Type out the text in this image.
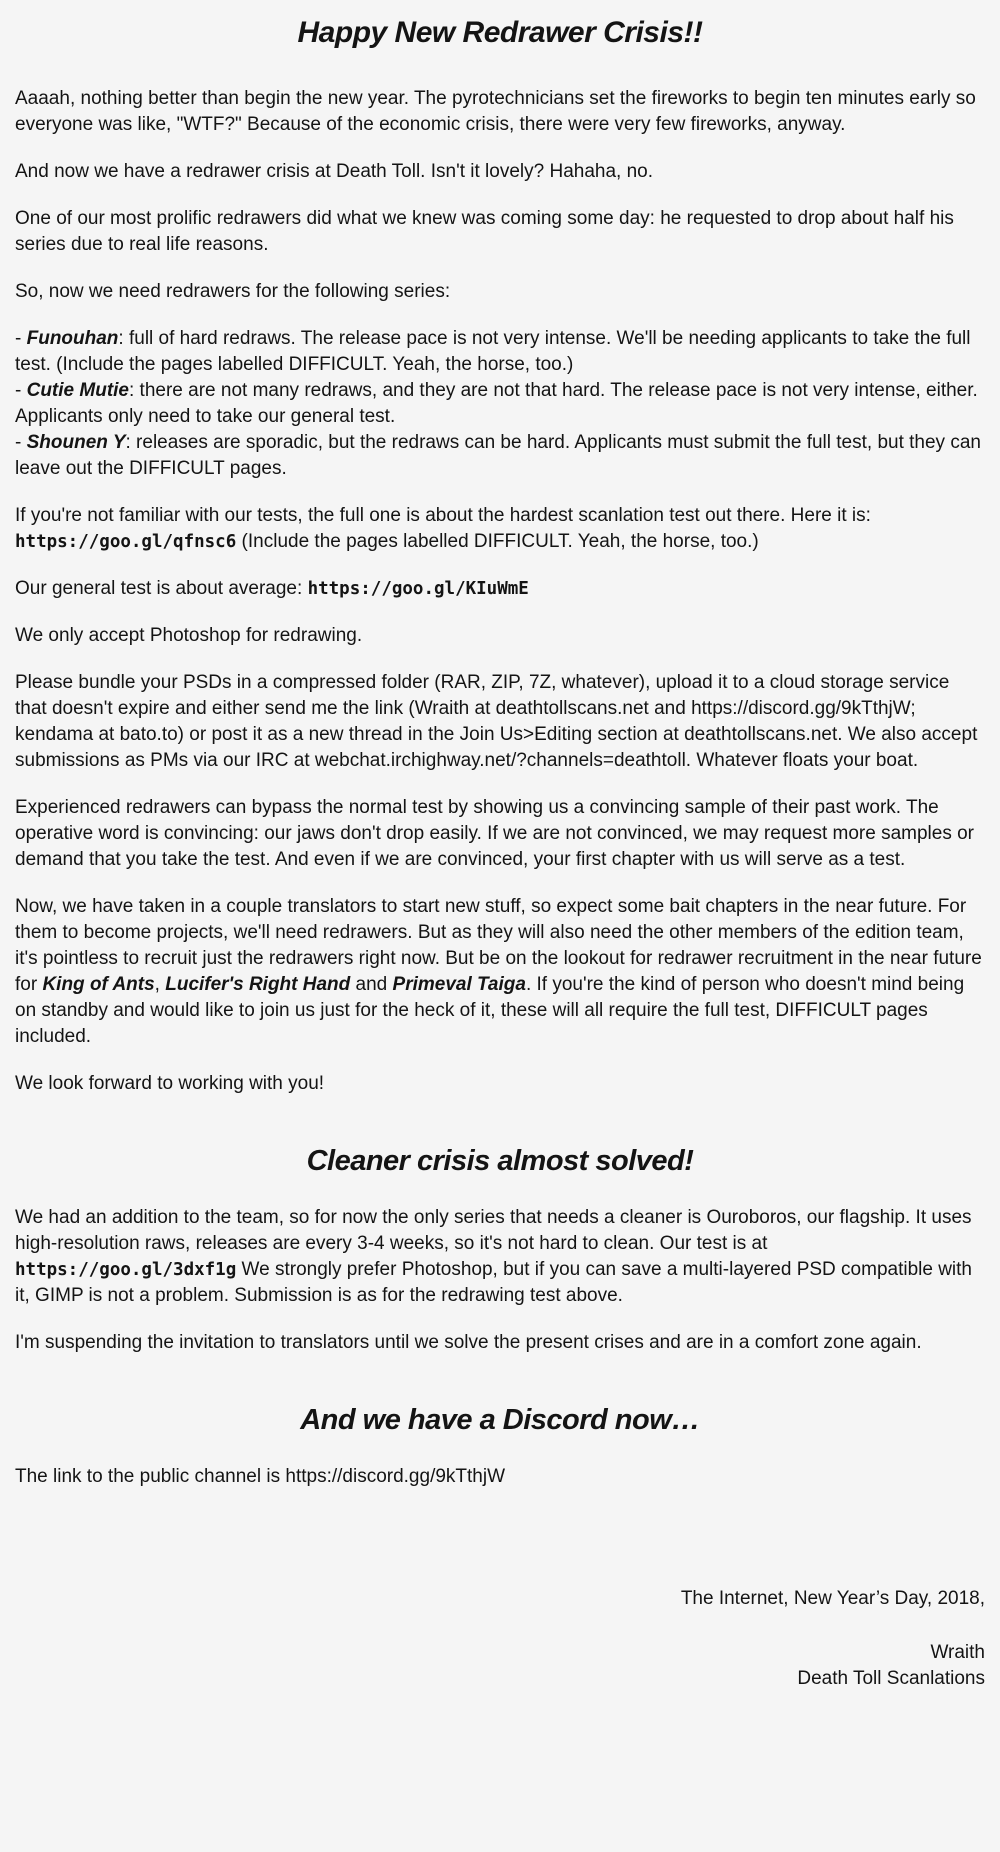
Happy New Redrawer Crisis!!

Aaaah, nothing better than begin the new year. The pyrotechnicians set the fireworks to begin ten minutes early so everyone was like, "WTF?" Because of the economic crisis, there were very few fireworks, anyway.

And now we have a redrawer crisis at Death Toll. Isn't it lovely? Hahaha, no.

One of our most prolific redrawers did what we knew was coming some day: he requested to drop about half his series due to real life reasons.

So, now we need redrawers for the following series:

- Funouhan: full of hard redraws. The release pace is not very intense. We'll be needing applicants to take the full test. (Include the pages labelled DIFFICULT. Yeah, the horse, too.)

- Cutie Mutie: there are not many redraws, and they are not that hard. The release pace is not very intense, either. Applicants only need to take our general test.

- Shounen Y: releases are sporadic, but the redraws can be hard. Applicants must submit the full test, but they can leave out the DIFFICULT pages.

If you're not familiar with our tests, the full one is about the hardest scanlation test out there. Here it is: https://goo.gl/qfnsc6 (Include the pages labelled DIFFICULT. Yeah, the horse, too.)

Our general test is about average: https://goo.gl/KIuWmE

We only accept Photoshop for redrawing.

Please bundle your PSDs in a compressed folder (RAR, ZIP, 7Z, whatever), upload it to a cloud storage service that doesn't expire and either send me the link (Wraith at deathtollscans.net and https://discord.gg/9kTthjW; kendama at bato.to) or post it as a new thread in the Join Us>Editing section at deathtollscans.net. We also accept submissions as PMs via our IRC at webchat.irchighway.net/?channels=deathtoll. Whatever floats your boat.

Experienced redrawers can bypass the normal test by showing us a convincing sample of their past work. The operative word is convincing: our jaws don't drop easily. If we are not convinced, we may request more samples or demand that you take the test. And even if we are convinced, your first chapter with us will serve as a test.

Now, we have taken in a couple translators to start new stuff, so expect some bait chapters in the near future. For them to become projects, we'll need redrawers. But as they will also need the other members of the edition team, it's pointless to recruit just the redrawers right now. But be on the lookout for redrawer recruitment in the near future for King of Ants, Lucifer's Right Hand and Primeval Taiga. If you're the kind of person who doesn't mind being on standby and would like to join us just for the heck of it, these will all require the full test, DIFFICULT pages included.

We look forward to working with you!

Cleaner crisis almost solved!

We had an addition to the team, so for now the only series that needs a cleaner is Ouroboros, our flagship. It uses high-resolution raws, releases are every 3-4 weeks, so it's not hard to clean. Our test is at https://goo.gl/3dxf1g We strongly prefer Photoshop, but if you can save a multi-layered PSD compatible with it, GIMP is not a problem. Submission is as for the redrawing test above.

I'm suspending the invitation to translators until we solve the present crises and are in a comfort zone again.

And we have a Discord now…

The link to the public channel is https://discord.gg/9kTthjW

The Internet, New Year’s Day, 2018,

Wraith

Death Toll Scanlations
